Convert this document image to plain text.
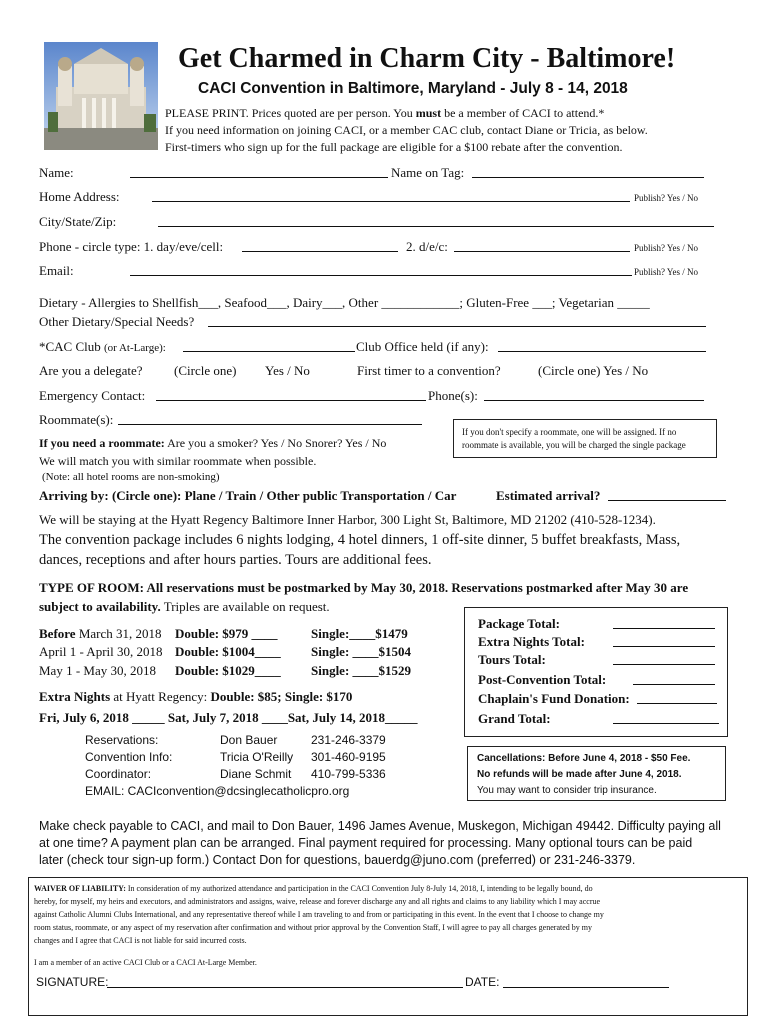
Get Charmed in Charm City - Baltimore!
CACI Convention in Baltimore, Maryland - July 8 - 14, 2018
PLEASE PRINT. Prices quoted are per person. You must be a member of CACI to attend.*
If you need information on joining CACI, or a member CAC club, contact Diane or Tricia, as below.
First-timers who sign up for the full package are eligible for a $100 rebate after the convention.
Name:	Name on Tag:
Home Address:	Publish? Yes / No
City/State/Zip:
Phone - circle type: 1. day/eve/cell:	2. d/e/c:	Publish? Yes / No
Email:	Publish? Yes / No
Dietary - Allergies to Shellfish___, Seafood___, Dairy___, Other ____________; Gluten-Free ___; Vegetarian _____
Other Dietary/Special Needs?
*CAC Club (or At-Large):	Club Office held (if any):
Are you a delegate? (Circle one) Yes / No	First timer to a convention?	(Circle one) Yes / No
Emergency Contact:	Phone(s):
Roommate(s):
If you don't specify a roommate, one will be assigned. If no roommate is available, you will be charged the single package
If you need a roommate: Are you a smoker? Yes / No Snorer? Yes / No
We will match you with similar roommate when possible.
(Note: all hotel rooms are non-smoking)
Arriving by: (Circle one): Plane / Train / Other public Transportation / Car	Estimated arrival?
We will be staying at the Hyatt Regency Baltimore Inner Harbor, 300 Light St, Baltimore, MD 21202 (410-528-1234).
The convention package includes 6 nights lodging, 4 hotel dinners, 1 off-site dinner, 5 buffet breakfasts, Mass,
dances, receptions and after hours parties. Tours are additional fees.
TYPE OF ROOM: All reservations must be postmarked by May 30, 2018. Reservations postmarked after May 30 are
subject to availability. Triples are available on request.
Before March 31, 2018 Double: $979 ____	Single:____$1479
April 1 - April 30, 2018 Double: $1004____ Single: ____$1504
May 1 - May 30, 2018 Double: $1029____ Single: ____$1529
Extra Nights at Hyatt Regency: Double: $85; Single: $170
Fri, July 6, 2018 _____ Sat, July 7, 2018 ____Sat, July 14, 2018_____
Package Total:
Extra Nights Total:
Tours Total:
Post-Convention Total:
Chaplain's Fund Donation:
Grand Total:
Reservations:	Don Bauer	231-246-3379
Convention Info:	Tricia O'Reilly 301-460-9195
Coordinator:	Diane Schmit 410-799-5336
EMAIL: CACIconvention@dcsinglecatholicpro.org
Cancellations: Before June 4, 2018 - $50 Fee.
No refunds will be made after June 4, 2018.
You may want to consider trip insurance.
Make check payable to CACI, and mail to Don Bauer, 1496 James Avenue, Muskegon, Michigan 49442. Difficulty paying all
at one time? A payment plan can be arranged. Final payment required for processing. Many optional tours can be paid
later (check tour sign-up form.) Contact Don for questions, bauerdg@juno.com (preferred) or 231-246-3379.
WAIVER OF LIABILITY: In consideration of my authorized attendance and participation in the CACI Convention July 8-July 14, 2018, I, intending to be legally bound, do
hereby, for myself, my heirs and executors, and administrators and assigns, waive, release and forever discharge any and all rights and claims to any liability which I may accrue
against Catholic Alumni Clubs International, and any representative thereof while I am traveling to and from or participating in this event. In the event that I choose to change my
room status, roommate, or any aspect of my reservation after confirmation and without prior approval by the Convention Staff, I will agree to pay all charges generated by my
changes and I agree that CACI is not liable for said incurred costs.
I am a member of an active CACI Club or a CACI At-Large Member.
SIGNATURE:	DATE:
